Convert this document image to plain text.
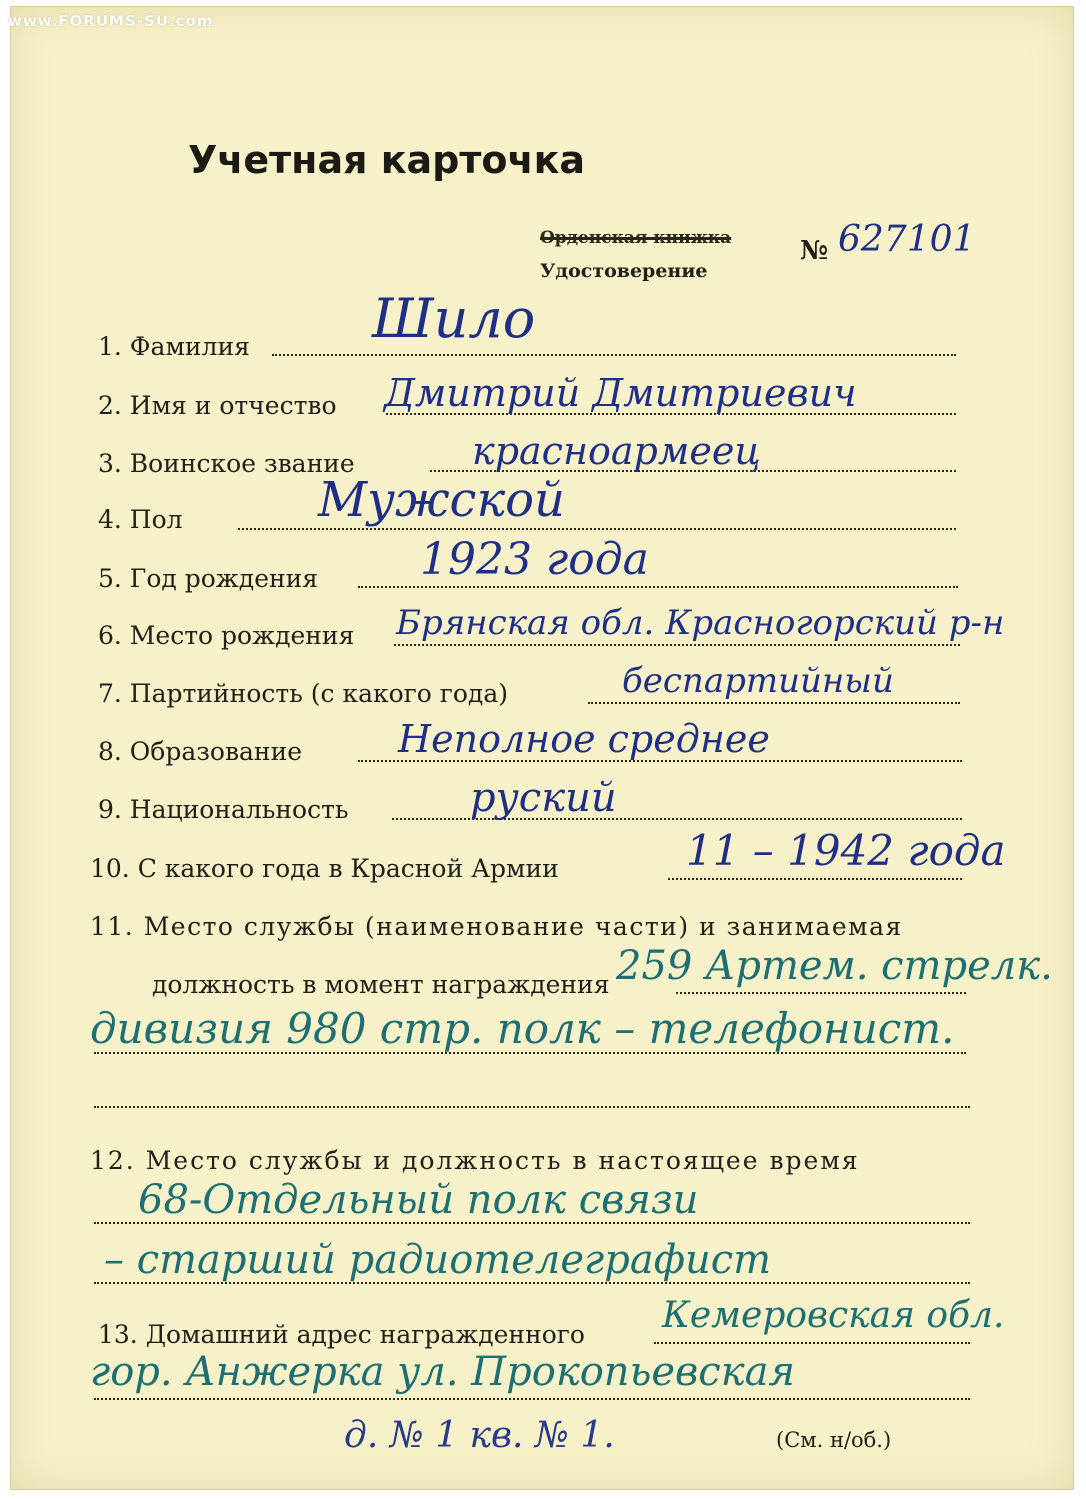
www.FORUMS-SU.com
Учетная карточка
Орденская книжка
Удостоверение
№ 627101
1. Фамилия Шило
2. Имя и отчество Дмитрий Дмитриевич
3. Воинское звание	красноармеец
4. Пол	Мужской
5. Год рождения 1923 года
6. Место рождения Брянская обл. Красногорский р-н
7. Партийность (с какого года)	беспартийный
8. Образование	Неполное среднее
9. Национальность	руский
10. С какого года в Красной Армии	11 – 1942 года
11. Место службы (наименование части) и занимаемая
должность в момент награждения 259 Артем. стрелк.
дивизия 980 стр. полк – телефонист.
12. Место службы и должность в настоящее время
68-Отдельный полк связи
– старший радиотелеграфист
13. Домашний адрес награжденного Кемеровская обл.
гор. Анжерка ул. Прокопьевская
д. № 1 кв. № 1.	(См. н/об.)
